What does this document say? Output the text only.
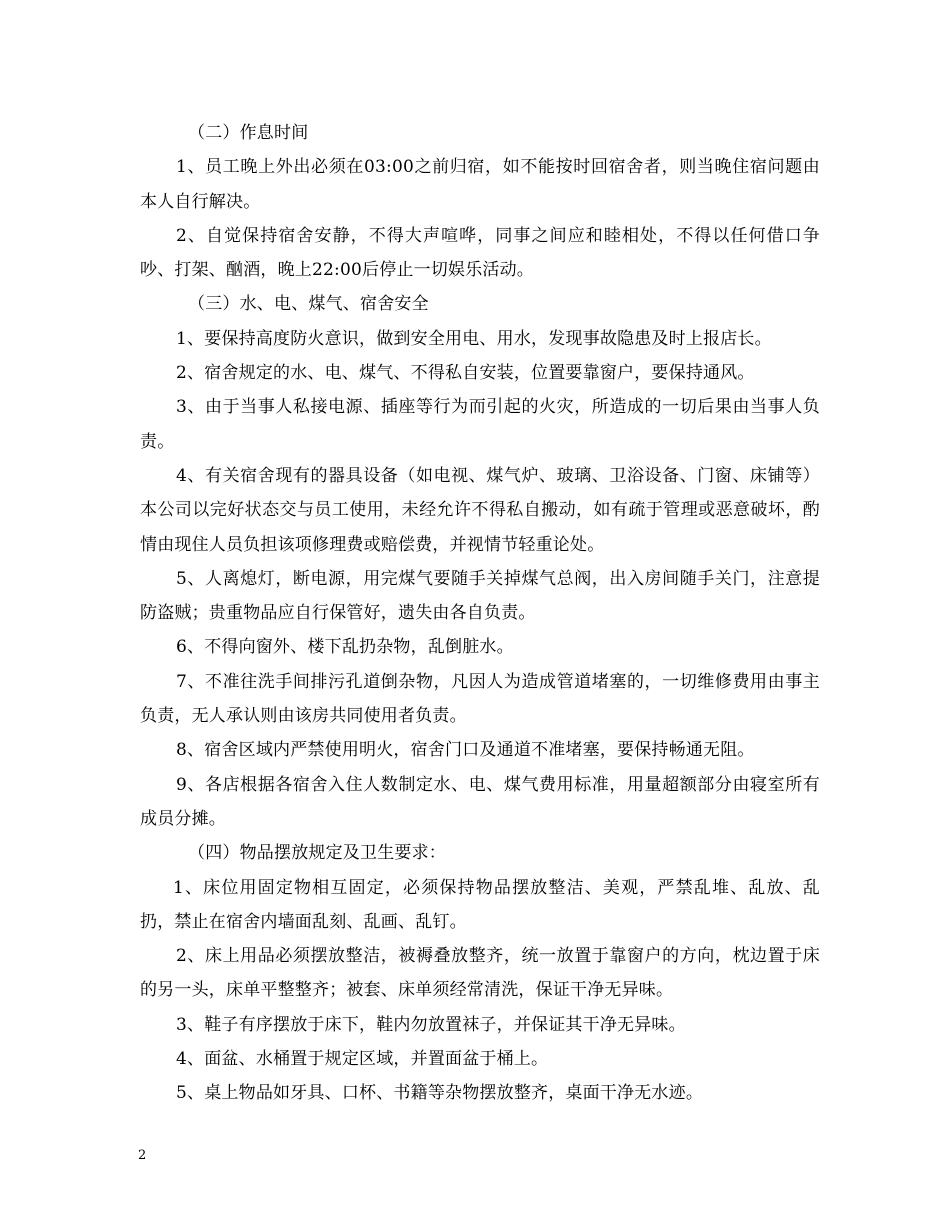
（二）作息时间

1、员工晚上外出必须在03:00之前归宿，如不能按时回宿舍者，则当晚住宿问题由本人自行解决。

2、自觉保持宿舍安静，不得大声喧哗，同事之间应和睦相处，不得以任何借口争吵、打架、酗酒，晚上22:00后停止一切娱乐活动。

（三）水、电、煤气、宿舍安全

1、要保持高度防火意识，做到安全用电、用水，发现事故隐患及时上报店长。

2、宿舍规定的水、电、煤气、不得私自安装，位置要靠窗户，要保持通风。

3、由于当事人私接电源、插座等行为而引起的火灾，所造成的一切后果由当事人负责。

4、有关宿舍现有的器具设备（如电视、煤气炉、玻璃、卫浴设备、门窗、床铺等）本公司以完好状态交与员工使用，未经允许不得私自搬动，如有疏于管理或恶意破坏，酌情由现住人员负担该项修理费或赔偿费，并视情节轻重论处。

5、人离熄灯，断电源，用完煤气要随手关掉煤气总阀，出入房间随手关门，注意提防盗贼；贵重物品应自行保管好，遗失由各自负责。

6、不得向窗外、楼下乱扔杂物，乱倒脏水。

7、不准往洗手间排污孔道倒杂物，凡因人为造成管道堵塞的，一切维修费用由事主负责，无人承认则由该房共同使用者负责。

8、宿舍区域内严禁使用明火，宿舍门口及通道不准堵塞，要保持畅通无阻。

9、各店根据各宿舍入住人数制定水、电、煤气费用标准，用量超额部分由寝室所有成员分摊。

（四）物品摆放规定及卫生要求：

1、床位用固定物相互固定，必须保持物品摆放整洁、美观，严禁乱堆、乱放、乱扔，禁止在宿舍内墙面乱刻、乱画、乱钉。

2、床上用品必须摆放整洁，被褥叠放整齐，统一放置于靠窗户的方向，枕边置于床的另一头，床单平整整齐；被套、床单须经常清洗，保证干净无异味。

3、鞋子有序摆放于床下，鞋内勿放置袜子，并保证其干净无异味。

4、面盆、水桶置于规定区域，并置面盆于桶上。

5、桌上物品如牙具、口杯、书籍等杂物摆放整齐，桌面干净无水迹。

2
